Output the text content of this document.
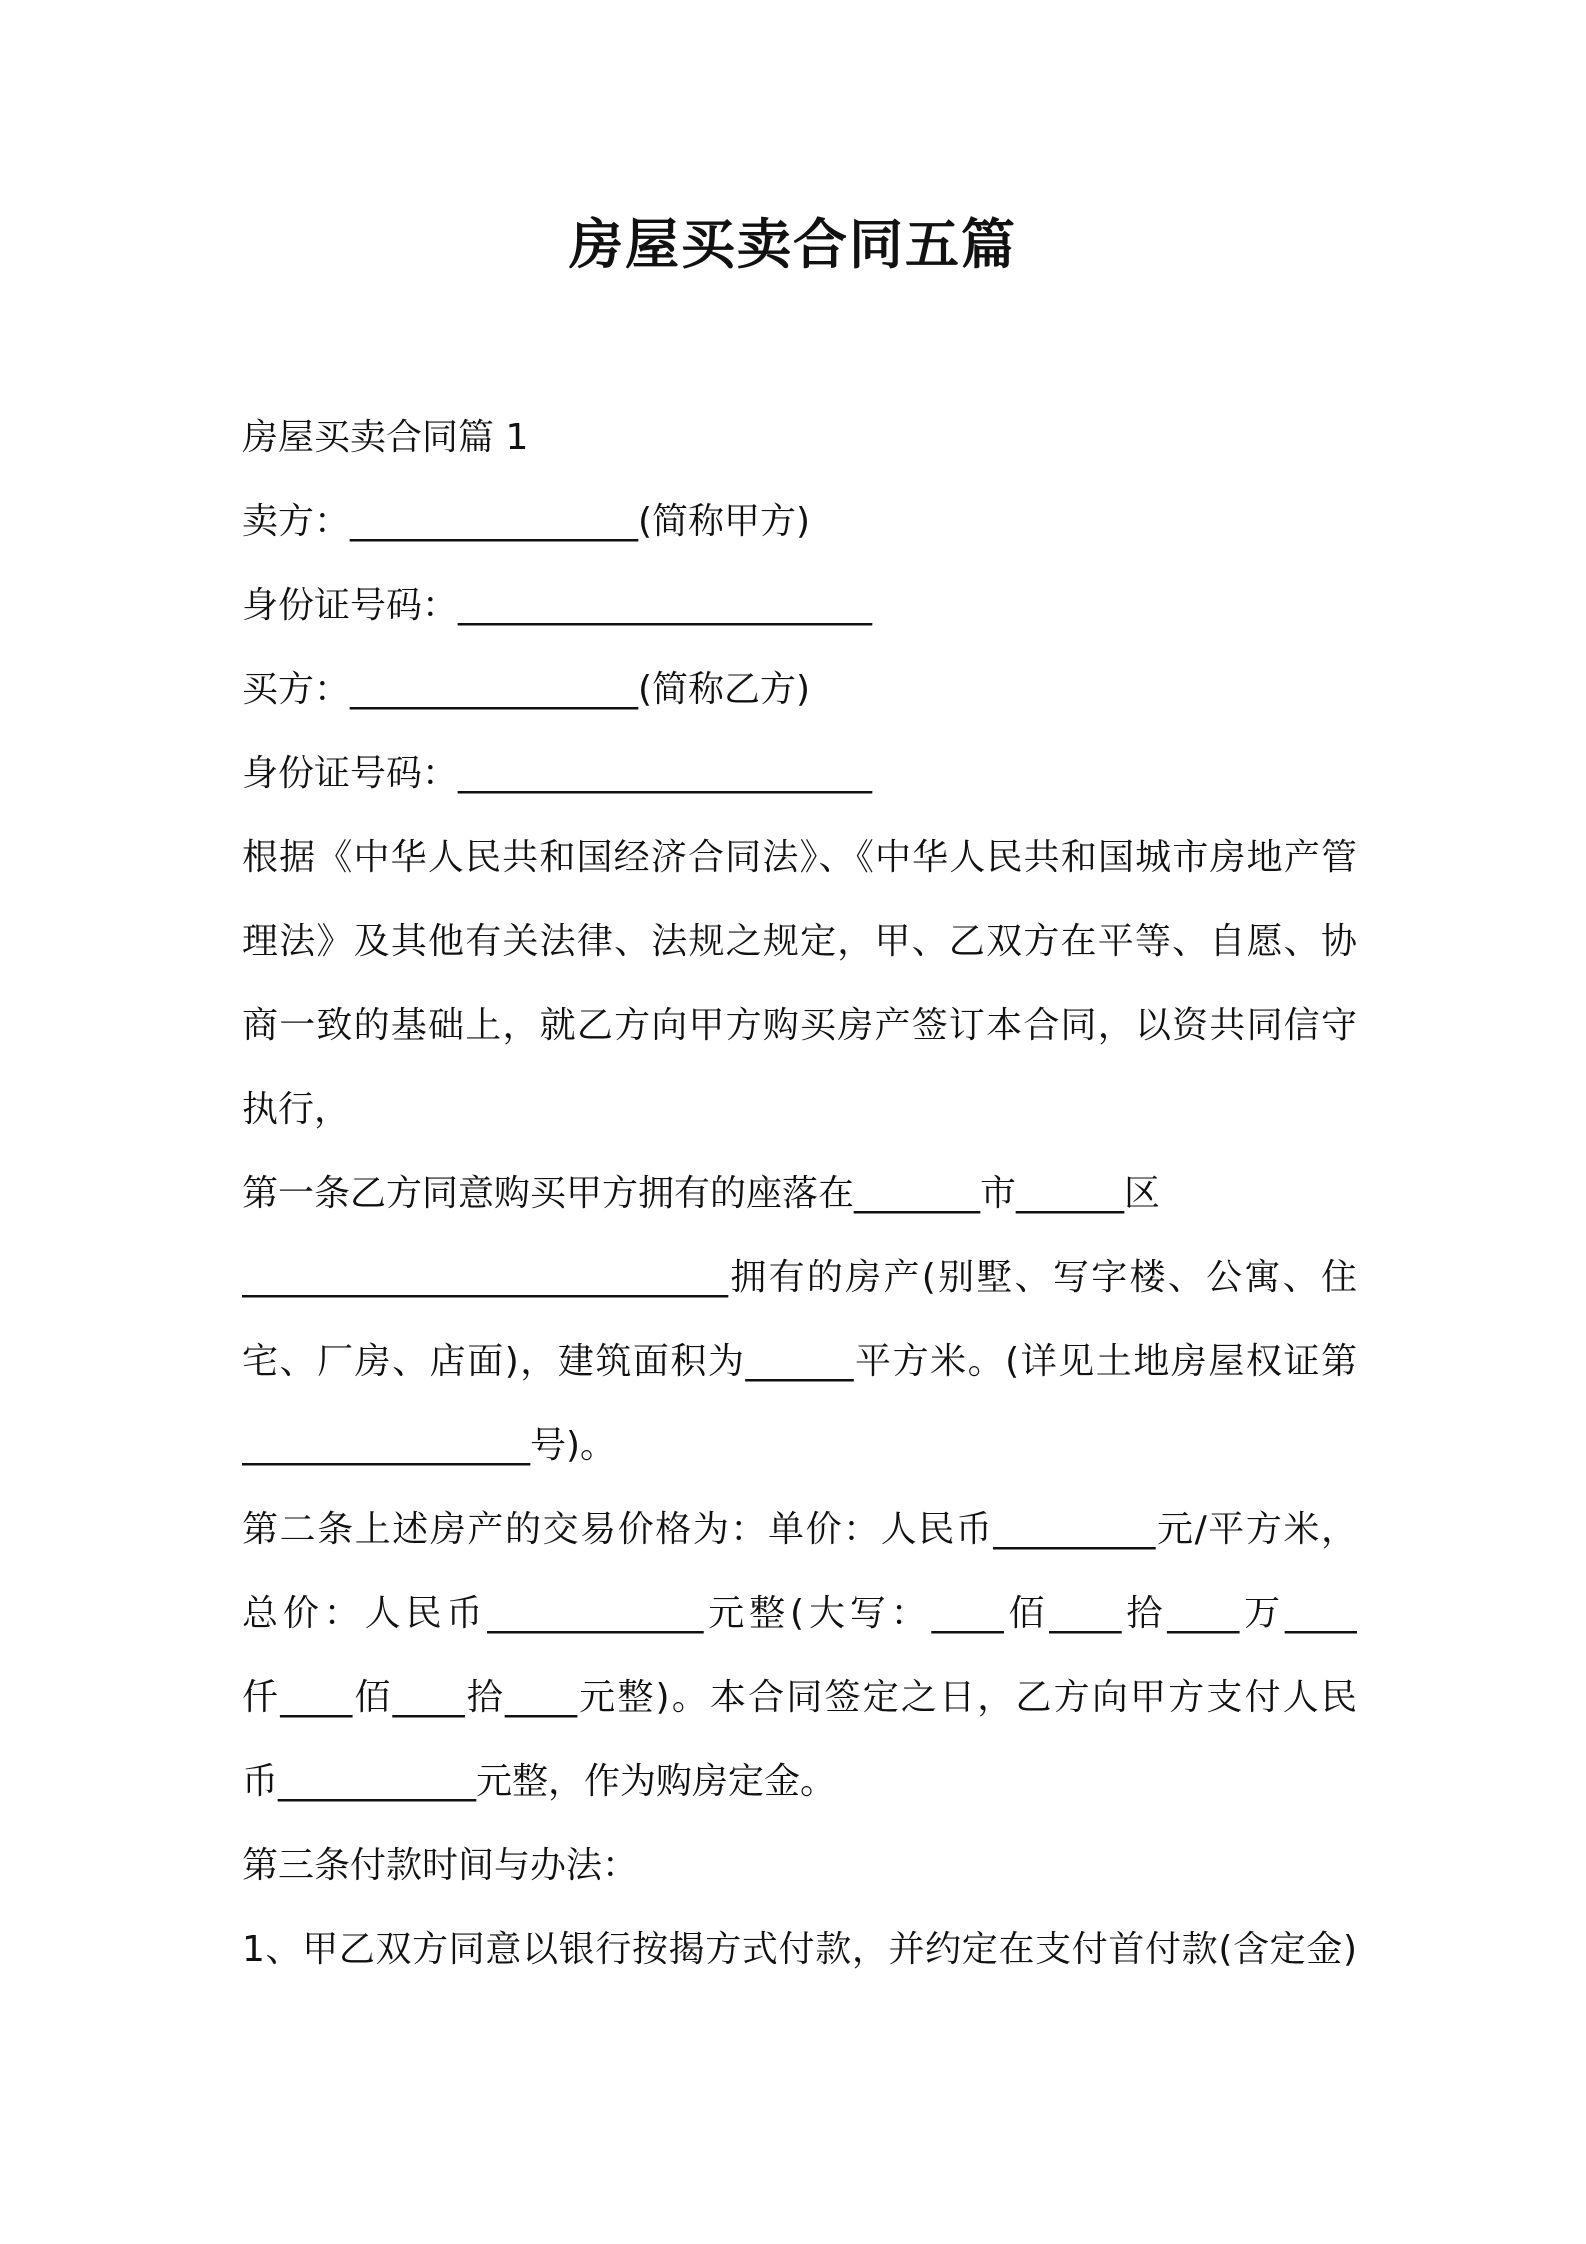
房屋买卖合同五篇
房屋买卖合同篇 1
卖方：________________(简称甲方)
身份证号码：_______________________
买方：________________(简称乙方)
身份证号码：_______________________
根据《中华人民共和国经济合同法》、《中华人民共和国城市房地产管
理法》及其他有关法律、法规之规定，甲、乙双方在平等、自愿、协
商一致的基础上，就乙方向甲方购买房产签订本合同，以资共同信守
执行，
第一条乙方同意购买甲方拥有的座落在_______市______区
___________________________拥有的房产(别墅、写字楼、公寓、住
宅、厂房、店面)，建筑面积为______平方米。(详见土地房屋权证第
________________号)。
第二条上述房产的交易价格为：单价：人民币_________元/平方米，
总价：人民币____________元整(大写：____佰____拾____万____
仟____佰____拾____元整)。本合同签定之日，乙方向甲方支付人民
币___________元整，作为购房定金。
第三条付款时间与办法：
1、甲乙双方同意以银行按揭方式付款，并约定在支付首付款(含定金)
